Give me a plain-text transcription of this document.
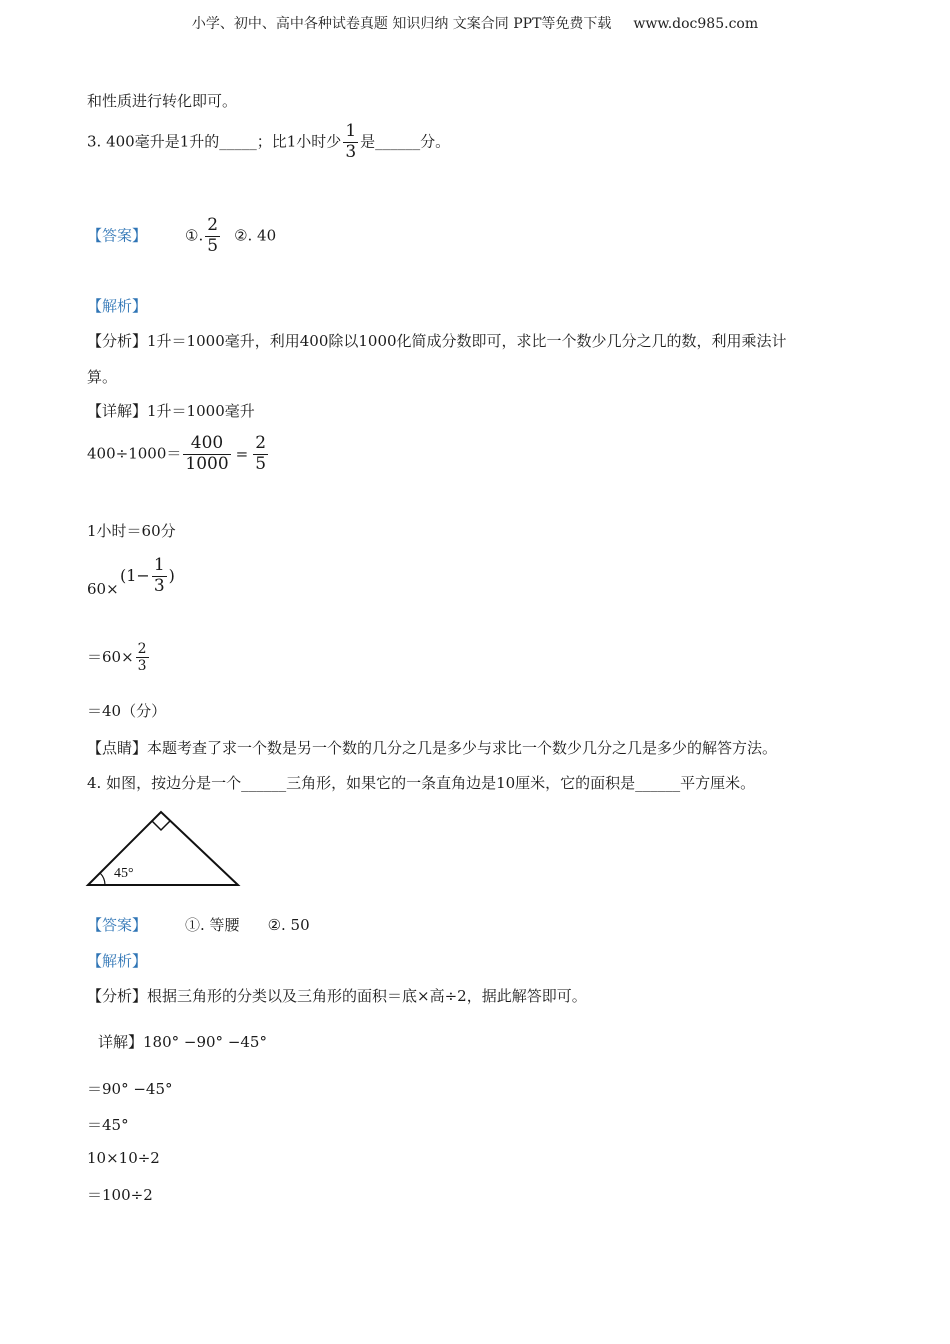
小学、初中、高中各种试卷真题 知识归纳 文案合同 PPT等免费下载 www.doc985.com
和性质进行转化即可。
3. 400毫升是1升的_____；比1小时少 $\frac{1}{3}$ 是______分。
【答案】	①. $\frac{2}{5}$ ②. 40
【解析】
【分析】1升＝1000毫升，利用400除以1000化简成分数即可，求比一个数少几分之几的数，利用乘法计
算。
【详解】1升＝1000毫升
$400\div 1000= \frac{400}{1000} = \frac{2}{5}$
1小时＝60分
60×
($1- \frac{1}{3}$ )
$=60\times \frac{2}{3}$
＝40（分）
【点睛】本题考查了求一个数是另一个数的几分之几是多少与求比一个数少几分之几是多少的解答方法。
4. 如图，按边分是一个______三角形，如果它的一条直角边是10厘米，它的面积是______平方厘米。
45°
【答案】	①. 等腰 ②. 50
【解析】
【分析】根据三角形的分类以及三角形的面积＝底×高÷2，据此解答即可。
详解】180° −90° −45°
＝90° −45°
＝45°
10×10÷2
＝100÷2
